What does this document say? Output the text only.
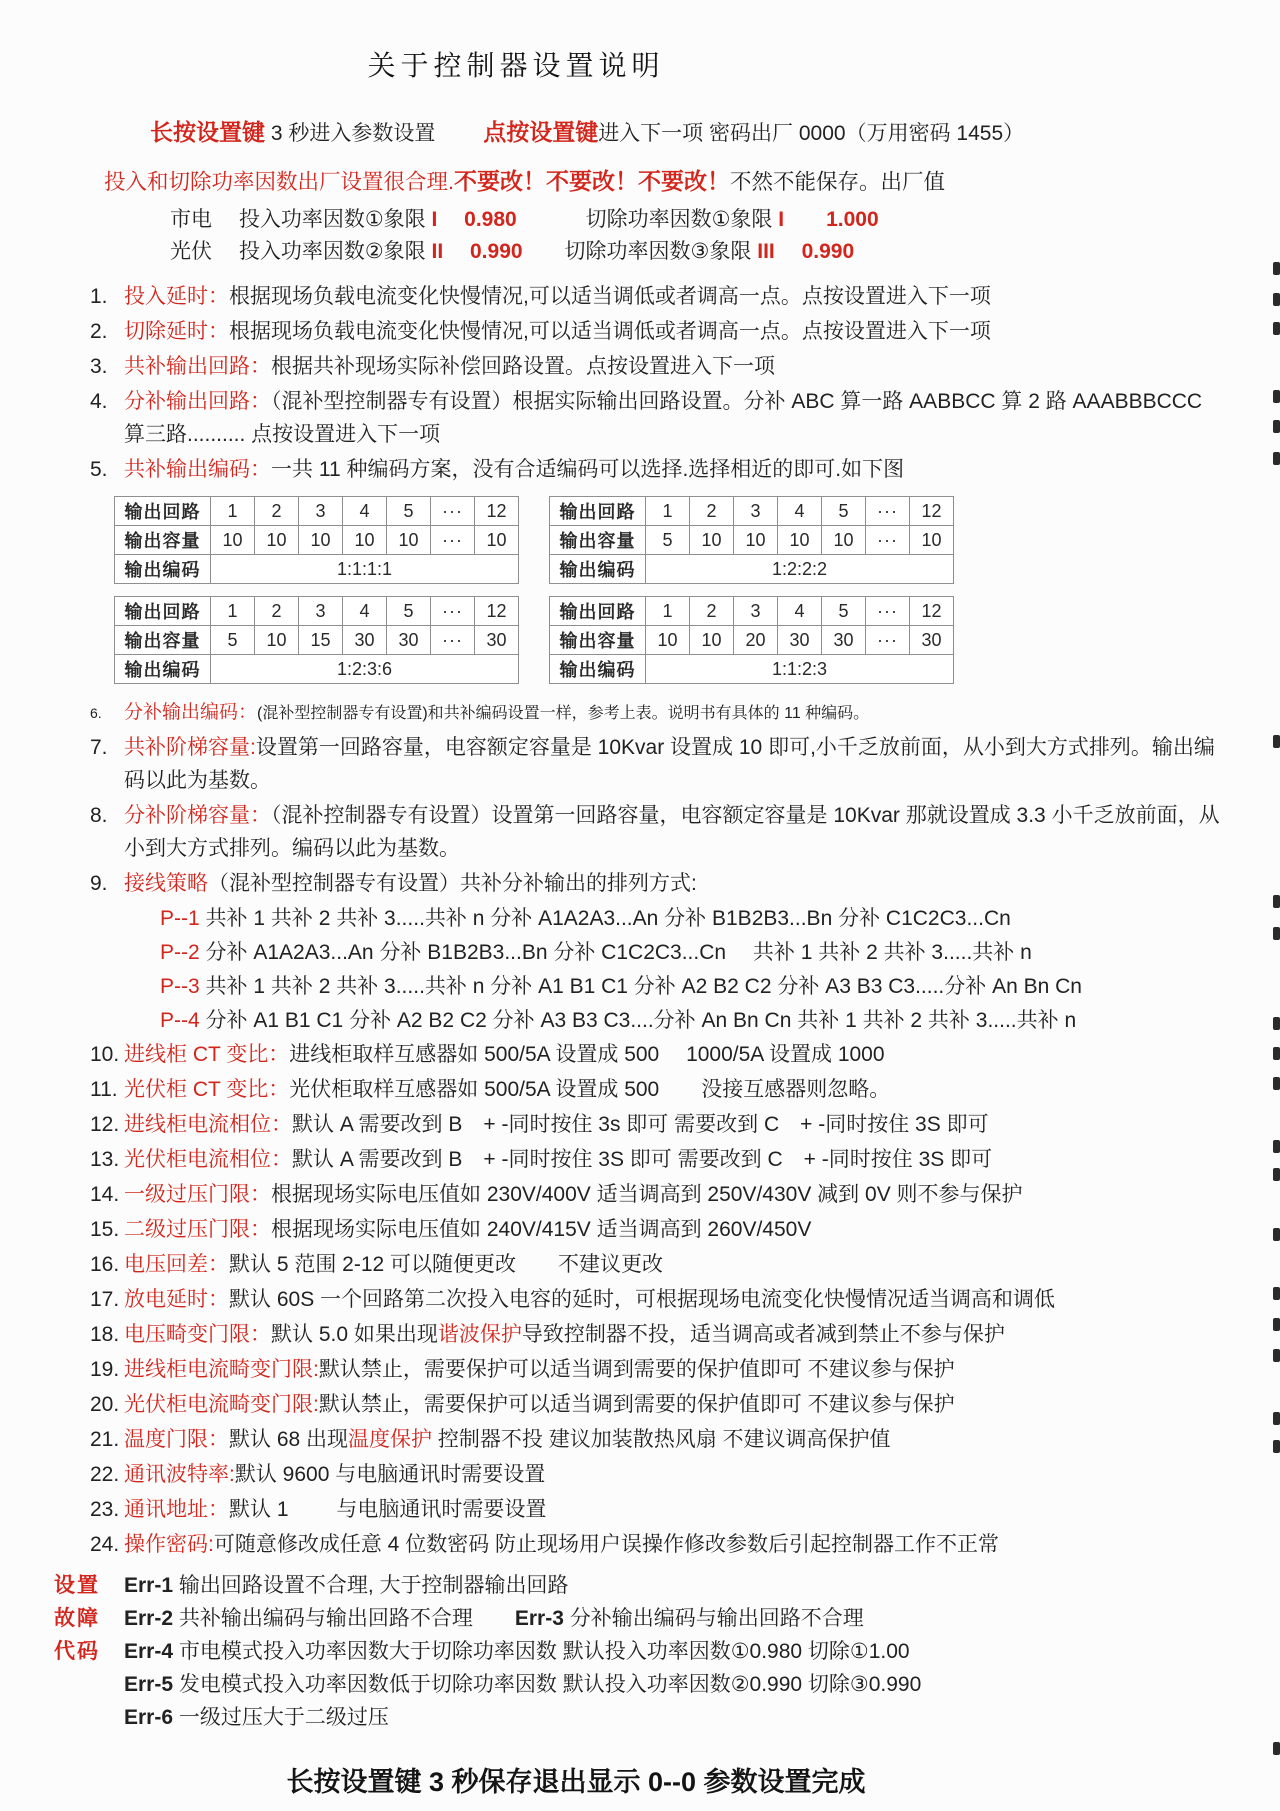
关于控制器设置说明
长按设置键 3 秒进入参数设置　　 点按设置键进入下一项 密码出厂 0000（万用密码 1455）
投入和切除功率因数出厂设置很合理.不要改！不要改！不要改！不然不能保存。出厂值
市电　 投入功率因数①象限 I　 0.980　　　 切除功率因数①象限 I　　1.000
光伏　 投入功率因数②象限 II　 0.990　　切除功率因数③象限 III　 0.990
1. 投入延时：根据现场负载电流变化快慢情况,可以适当调低或者调高一点。点按设置进入下一项
2. 切除延时：根据现场负载电流变化快慢情况,可以适当调低或者调高一点。点按设置进入下一项
3. 共补输出回路：根据共补现场实际补偿回路设置。点按设置进入下一项
4. 分补输出回路：（混补型控制器专有设置）根据实际输出回路设置。分补 ABC 算一路 AABBCC 算 2 路 AAABBBCCC 算三路.......... 点按设置进入下一项
5. 共补输出编码：一共 11 种编码方案，没有合适编码可以选择.选择相近的即可.如下图
输出回路	1	2	3	4	5	···	12
输出容量	10	10	10	10	10	···	10
输出编码	1:1:1:1						
输出回路	1	2	3	4	5	···	12
输出容量	5	10	10	10	10	···	10
输出编码	1:2:2:2						
输出回路	1	2	3	4	5	···	12
输出容量	5	10	15	30	30	···	30
输出编码	1:2:3:6						
输出回路	1	2	3	4	5	···	12
输出容量	10	10	20	30	30	···	30
输出编码	1:1:2:3						
6. 分补输出编码：(混补型控制器专有设置)和共补编码设置一样，参考上表。说明书有具体的 11 种编码。
7. 共补阶梯容量:设置第一回路容量，电容额定容量是 10Kvar 设置成 10 即可,小千乏放前面，从小到大方式排列。输出编码以此为基数。
8. 分补阶梯容量：（混补控制器专有设置）设置第一回路容量，电容额定容量是 10Kvar 那就设置成 3.3 小千乏放前面，从小到大方式排列。编码以此为基数。
9. 接线策略（混补型控制器专有设置）共补分补输出的排列方式:
P--1 共补 1 共补 2 共补 3.....共补 n 分补 A1A2A3...An 分补 B1B2B3...Bn 分补 C1C2C3...Cn
P--2 分补 A1A2A3...An 分补 B1B2B3...Bn 分补 C1C2C3...Cn　 共补 1 共补 2 共补 3.....共补 n
P--3 共补 1 共补 2 共补 3.....共补 n 分补 A1 B1 C1 分补 A2 B2 C2 分补 A3 B3 C3.....分补 An Bn Cn
P--4 分补 A1 B1 C1 分补 A2 B2 C2 分补 A3 B3 C3....分补 An Bn Cn 共补 1 共补 2 共补 3.....共补 n
10. 进线柜 CT 变比：进线柜取样互感器如 500/5A 设置成 500　 1000/5A 设置成 1000
11. 光伏柜 CT 变比：光伏柜取样互感器如 500/5A 设置成 500　　没接互感器则忽略。
12. 进线柜电流相位：默认 A 需要改到 B　+ -同时按住 3s 即可 需要改到 C　+ -同时按住 3S 即可
13. 光伏柜电流相位：默认 A 需要改到 B　+ -同时按住 3S 即可 需要改到 C　+ -同时按住 3S 即可
14. 一级过压门限：根据现场实际电压值如 230V/400V 适当调高到 250V/430V 减到 0V 则不参与保护
15. 二级过压门限：根据现场实际电压值如 240V/415V 适当调高到 260V/450V
16. 电压回差：默认 5 范围 2-12 可以随便更改　　不建议更改
17. 放电延时：默认 60S 一个回路第二次投入电容的延时，可根据现场电流变化快慢情况适当调高和调低
18. 电压畸变门限：默认 5.0 如果出现谐波保护导致控制器不投，适当调高或者减到禁止不参与保护
19. 进线柜电流畸变门限:默认禁止，需要保护可以适当调到需要的保护值即可 不建议参与保护
20. 光伏柜电流畸变门限:默认禁止，需要保护可以适当调到需要的保护值即可 不建议参与保护
21. 温度门限：默认 68 出现温度保护 控制器不投 建议加装散热风扇 不建议调高保护值
22. 通讯波特率:默认 9600 与电脑通讯时需要设置
23. 通讯地址：默认 1　　 与电脑通讯时需要设置
24. 操作密码:可随意修改成任意 4 位数密码 防止现场用户误操作修改参数后引起控制器工作不正常
设置	Err-1 输出回路设置不合理, 大于控制器输出回路
故障	Err-2 共补输出编码与输出回路不合理　　Err-3 分补输出编码与输出回路不合理
代码	Err-4 市电模式投入功率因数大于切除功率因数 默认投入功率因数①0.980 切除①1.00
Err-5 发电模式投入功率因数低于切除功率因数 默认投入功率因数②0.990 切除③0.990
Err-6 一级过压大于二级过压
长按设置键 3 秒保存退出显示 0--0 参数设置完成
